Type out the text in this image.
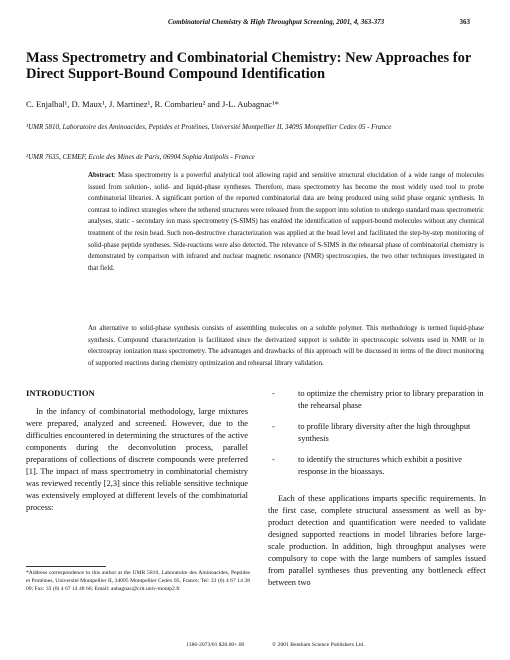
Combinatorial Chemistry & High Throughput Screening, 2001, 4, 363-373	363
Mass Spectrometry and Combinatorial Chemistry: New Approaches for Direct Support-Bound Compound Identification
C. Enjalbal¹, D. Maux¹, J. Martinez¹, R. Combarieu² and J-L. Aubagnac¹*
¹UMR 5810, Laboratoire des Aminoacides, Peptides et Protéines, Université Montpellier II, 34095 Montpellier Cedex 05 - France
²UMR 7635, CEMEF, Ecole des Mines de Paris, 06904 Sophia Antipolis - France
Abstract: Mass spectrometry is a powerful analytical tool allowing rapid and sensitive structural elucidation of a wide range of molecules issued from solution-, solid- and liquid-phase syntheses. Therefore, mass spectrometry has become the most widely used tool to probe combinatorial libraries. A significant portion of the reported combinatorial data are being produced using solid phase organic synthesis. In contrast to indirect strategies where the tethered structures were released from the support into solution to undergo standard mass spectrometric analyses, static - secondary ion mass spectrometry (S-SIMS) has enabled the identification of support-bound molecules without any chemical treatment of the resin bead. Such non-destructive characterization was applied at the bead level and facilitated the step-by-step monitoring of solid-phase peptide syntheses. Side-reactions were also detected. The relevance of S-SIMS in the rehearsal phase of combinatorial chemistry is demonstrated by comparison with infrared and nuclear magnetic resonance (NMR) spectroscopies, the two other techniques investigated in that field.
An alternative to solid-phase synthesis consists of assembling molecules on a soluble polymer. This methodology is termed liquid-phase synthesis. Compound characterization is facilitated since the derivatized support is soluble in spectroscopic solvents used in NMR or in electrospray ionization mass spectrometry. The advantages and drawbacks of this approach will be discussed in terms of the direct monitoring of supported reactions during chemistry optimization and rehearsal library validation.
INTRODUCTION
In the infancy of combinatorial methodology, large mixtures were prepared, analyzed and screened. However, due to the difficulties encountered in determining the structures of the active components during the deconvolution process, parallel preparations of collections of discrete compounds were preferred [1]. The impact of mass spectrometry in combinatorial chemistry was reviewed recently [2,3] since this reliable sensitive technique was extensively employed at different levels of the combinatorial process:
*Address correspondence to this author at the UMR 5810, Laboratoire des Aminoacides, Peptides et Protéines, Université Montpellier II, 34095 Montpellier Cedex 05, France; Tel: 33 (0) 4 67 14 38 09; Fax: 33 (0) 4 67 14 48 66; Email: aubagnac@crit.univ-montp2.fr
-	to optimize the chemistry prior to library preparation in the rehearsal phase
-	to profile library diversity after the high throughput synthesis
-	to identify the structures which exhibit a positive response in the bioassays.
Each of these applications imparts specific requirements. In the first case, complete structural assessment as well as by-product detection and quantification were needed to validate designed supported reactions in model libraries before large-scale production. In addition, high throughput analyses were compulsory to cope with the large numbers of samples issued from parallel syntheses thus preventing any bottleneck effect between two
1386-2073/01 $28.00+.00	© 2001 Bentham Science Publishers Ltd.
